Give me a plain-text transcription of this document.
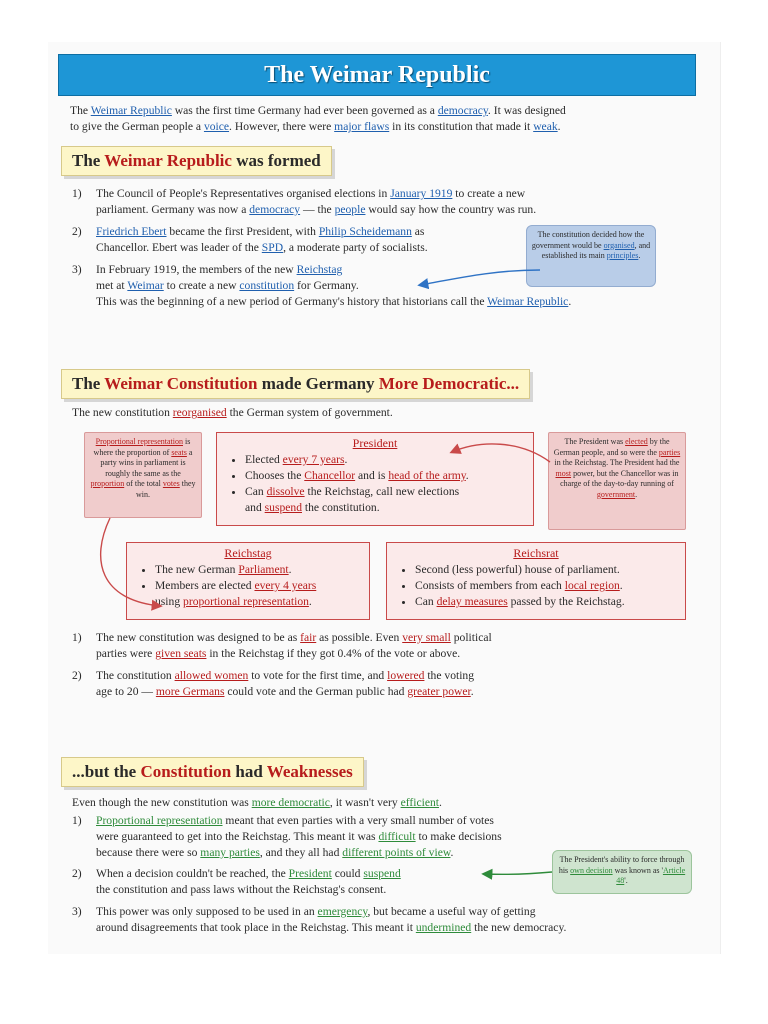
The Weimar Republic
The Weimar Republic was the first time Germany had ever been governed as a democracy. It was designed
to give the German people a voice. However, there were major flaws in its constitution that made it weak.
The Weimar Republic was formed
1) The Council of People's Representatives organised elections in January 1919 to create a new
parliament. Germany was now a democracy — the people would say how the country was run.
2) Friedrich Ebert became the first President, with Philip Scheidemann as
Chancellor. Ebert was leader of the SPD, a moderate party of socialists.
3) In February 1919, the members of the new Reichstag
met at Weimar to create a new constitution for Germany.
This was the beginning of a new period of Germany's history that historians call the Weimar Republic.
The constitution decided how the government would be organised, and established its main principles.
The Weimar Constitution made Germany More Democratic...
The new constitution reorganised the German system of government.
Proportional representation is where the proportion of seats a party wins in parliament is roughly the same as the proportion of the total votes they win.
President
• Elected every 7 years.
• Chooses the Chancellor and is head of the army.
• Can dissolve the Reichstag, call new elections
and suspend the constitution.
The President was elected by the German people, and so were the parties in the Reichstag. The President had the most power, but the Chancellor was in charge of the day-to-day running of government.
Reichstag
• The new German Parliament.
• Members are elected every 4 years
using proportional representation.
Reichsrat
• Second (less powerful) house of parliament.
• Consists of members from each local region.
• Can delay measures passed by the Reichstag.
1) The new constitution was designed to be as fair as possible. Even very small political
parties were given seats in the Reichstag if they got 0.4% of the vote or above.
2) The constitution allowed women to vote for the first time, and lowered the voting
age to 20 — more Germans could vote and the German public had greater power.
...but the Constitution had Weaknesses
Even though the new constitution was more democratic, it wasn't very efficient.
1) Proportional representation meant that even parties with a very small number of votes
were guaranteed to get into the Reichstag. This meant it was difficult to make decisions
because there were so many parties, and they all had different points of view.
2) When a decision couldn't be reached, the President could suspend
the constitution and pass laws without the Reichstag's consent.
The President's ability to force through his own decision was known as 'Article 48'.
3) This power was only supposed to be used in an emergency, but became a useful way of getting
around disagreements that took place in the Reichstag. This meant it undermined the new democracy.
